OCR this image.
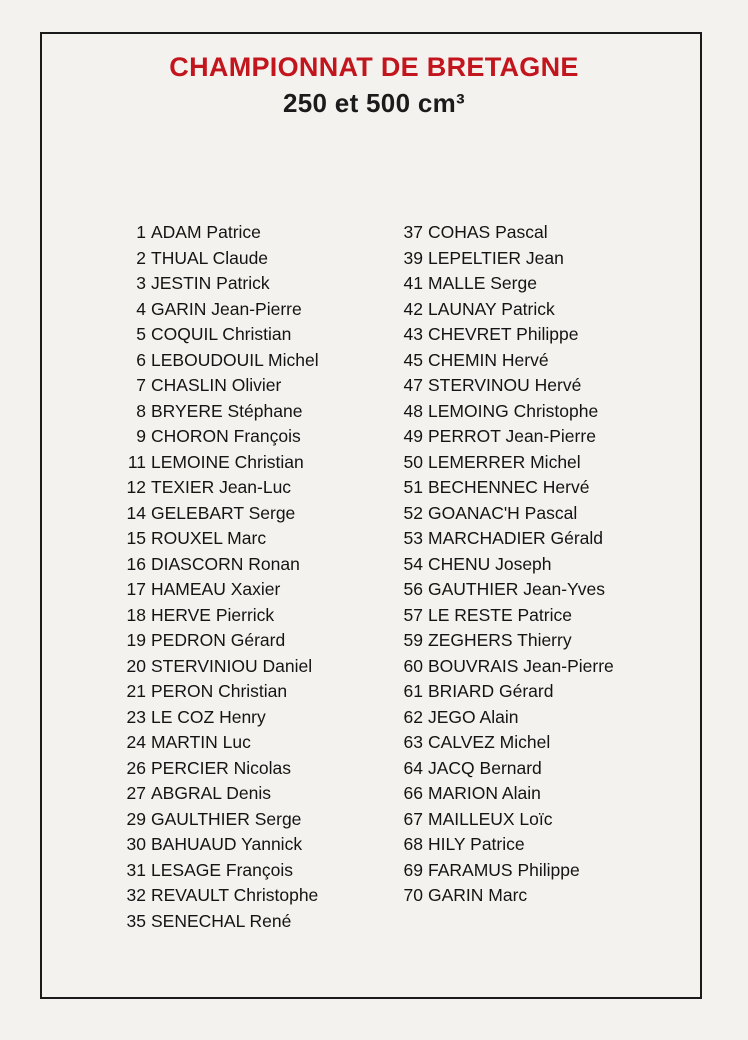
CHAMPIONNAT DE BRETAGNE
250 et 500 cm³
1 ADAM Patrice
2 THUAL Claude
3 JESTIN Patrick
4 GARIN Jean-Pierre
5 COQUIL Christian
6 LEBOUDOUIL Michel
7 CHASLIN Olivier
8 BRYERE Stéphane
9 CHORON François
11 LEMOINE Christian
12 TEXIER Jean-Luc
14 GELEBART Serge
15 ROUXEL Marc
16 DIASCORN Ronan
17 HAMEAU Xaxier
18 HERVE Pierrick
19 PEDRON Gérard
20 STERVINIOU Daniel
21 PERON Christian
23 LE COZ Henry
24 MARTIN Luc
26 PERCIER Nicolas
27 ABGRAL Denis
29 GAULTHIER Serge
30 BAHUAUD Yannick
31 LESAGE François
32 REVAULT Christophe
35 SENECHAL René
37 COHAS Pascal
39 LEPELTIER Jean
41 MALLE Serge
42 LAUNAY Patrick
43 CHEVRET Philippe
45 CHEMIN Hervé
47 STERVINOU Hervé
48 LEMOING Christophe
49 PERROT Jean-Pierre
50 LEMERRER Michel
51 BECHENNEC Hervé
52 GOANAC'H Pascal
53 MARCHADIER Gérald
54 CHENU Joseph
56 GAUTHIER Jean-Yves
57 LE RESTE Patrice
59 ZEGHERS Thierry
60 BOUVRAIS Jean-Pierre
61 BRIARD Gérard
62 JEGO Alain
63 CALVEZ Michel
64 JACQ Bernard
66 MARION Alain
67 MAILLEUX Loïc
68 HILY Patrice
69 FARAMUS Philippe
70 GARIN Marc
